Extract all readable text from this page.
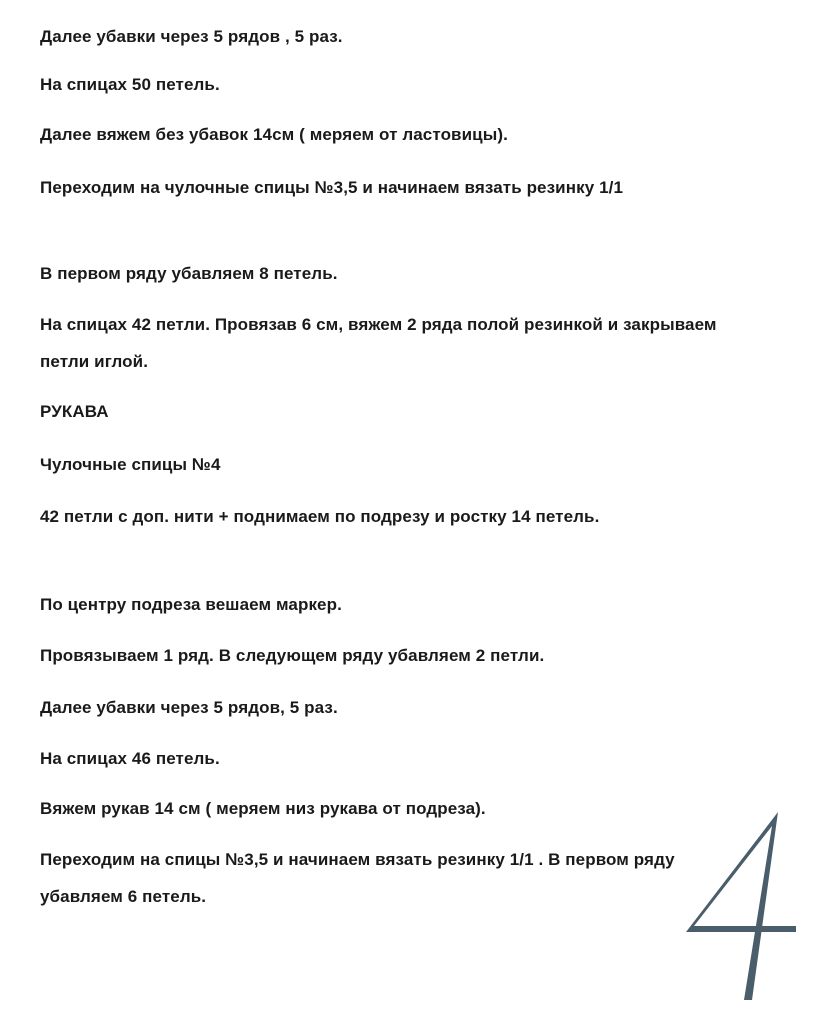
Далее убавки через 5 рядов , 5 раз.

На спицах 50 петель.

Далее вяжем без убавок 14см ( меряем от ластовицы).

Переходим на чулочные спицы №3,5 и начинаем вязать резинку 1/1

В первом ряду убавляем 8 петель.

На спицах 42 петли. Провязав 6 см, вяжем 2 ряда полой резинкой и закрываем петли иглой.

РУКАВА

Чулочные спицы №4

42 петли с доп. нити + поднимаем по подрезу и ростку 14 петель.

По центру подреза вешаем маркер.

Провязываем 1 ряд. В следующем ряду убавляем 2 петли.

Далее убавки через 5 рядов, 5 раз.

На спицах 46 петель.

Вяжем рукав 14 см ( меряем низ рукава от подреза).

Переходим на спицы №3,5 и начинаем вязать резинку 1/1 . В первом ряду убавляем 6 петель.
